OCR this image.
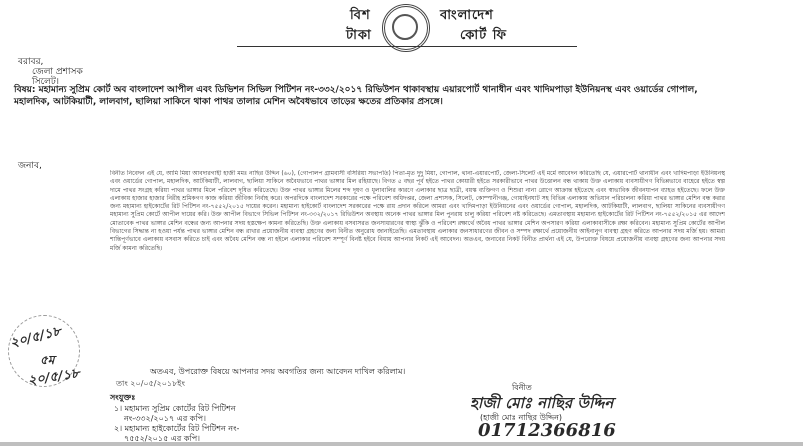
বিশ
টাকা
বাংলাদেশ
কোর্ট ফি
বরাবর,
জেলা প্রশাসক
সিলেট।
বিষয়: মহামান্য সুপ্রিম কোর্ট অব বাংলাদেশ আপীল এবং ডিভিশন সিভিল পিটিশন নং-৩৩২/২০১৭ রিভিউশন থাকাবস্থায় এয়ারপোর্ট থানাধীন এবং খাদিমপাড়া ইউনিয়নস্থ এবং ওয়ার্ডের গোপাল, মহালদিক, আটকিয়াটী, লালবাগ, ছালিয়া সাকিনে থাকা পাথর তালার মেশিন অবৈধভাবে তাড়ের ক্ষতের প্রতিকার প্রসঙ্গে।
জনাব,
বিনীত নিবেদন এই যে, আমি মিয়া আবদারগাহী হাজী মমঃ নাছির উদ্দিন (৬০), (গোপালপ গ্রামবাসী বসিরিয়া সভাপতি) পিতা-মৃত দুদু মিয়া, গোপাল, থানা-এয়ারপোর্ট, জেলা-সিলেট এই মর্মে আবেদন করিতেছি যে, এয়ারপোর্ট থানাধীন এবং খাদিমপাড়া ইউনিয়নস্থ এবং ওয়ার্ডের গোপাল, মহালদিক, আটকিয়াটী, লালবাগ, ছালিয়া সাকিনে অবৈধভাবে পাথর ভাঙ্গার মিল রহিয়াছে। বিগত ৫ বছর পূর্ব হইতে পাথর কোয়ারী হইতে সরকারীভাবে পাথর উত্তোলন বন্ধ থাকায় উক্ত এলাকায় ব্যবসায়ীগণ বিভিন্নভাবে বাহেরে হইতে স্বল্প দামে পাথর সংগ্রহ করিয়া পাথর ভাঙ্গার মিলে পরিবেশ দূষিত করিতেছে। উক্ত পাথর ভাঙ্গার মিলের শব্দ দূষণ ও ধূলাবালির কারণে এলাকার ছাত্র ছাত্রী, বয়স্ক ব্যক্তিগণ ও শিশুরা নানা রোগে আক্রান্ত হইতেছে এবং স্বাভাবিক জীবনযাপন ব্যাহত হইতেছে। ফলে উক্ত এলাকায় হাজার হাজার নিরীহ শ্রমিকগণ কাজ করিয়া জীবিকা নির্বাহ করে। অপরদিকে বাংলাদেশ সরকারের পক্ষে পরিবেশ অধিদপ্তর, জেলা প্রশাসক, সিলেট, কোম্পানীগঞ্জ, গোয়াইনঘাট সহ বিভিন্ন এলাকায় অভিযান পরিচালনা করিয়া পাথর ভাঙ্গার মেশিন বন্ধ করার জন্য মহামান্য হাইকোর্টের রিট পিটিশন নং-৭৫৫২/২০১৫ দায়ের করেন। মহামান্য হাইকোর্ট বাংলাদেশ সরকারের পক্ষে রায় প্রদান করিলে আমরা এবং খাদিমপাড়া ইউনিয়নের এবং ওয়ার্ডের গোপাল, মহালদিক, আটকিয়াটী, লালবাগ, ছালিয়া সাকিনের ব্যবসায়ীগণ মহামান্য সুপ্রিম কোর্টে আপীল দায়ের করি। উক্ত আপীল বিভাগে সিভিল পিটিশন নং-৩৩২/২০১৭ রিভিউশন অবস্থায় অনেক পাথর ভাঙ্গার মিল পুনরায় চালু করিয়া পরিবেশ নষ্ট করিতেছে। এমতাবস্থায় মহামান্য হাইকোর্টের রিট পিটিশন নং-৭৫৫২/২০১৫ এর আদেশ মোতাবেক পাথর ভাঙ্গার মেশিন বন্ধের জন্য আপনার সদয় হস্তক্ষেপ কামনা করিতেছি। উক্ত এলাকায় বসবাসরত জনসাধারণের স্বাস্থ্য ঝুঁকি ও পরিবেশ রক্ষার্থে অবৈধ পাথর ভাঙ্গার মেশিন অপসারণ করিয়া এলাকাবাসীকে রক্ষা করিবেন। মহামান্য সুপ্রিম কোর্টের আপীল বিভাগের সিদ্ধান্ত না হওয়া পর্যন্ত পাথর ভাঙ্গার মেশিন বন্ধ রাখার প্রয়োজনীয় ব্যবস্থা গ্রহণের জন্য বিনীত অনুরোধ জানাইতেছি। এমতাবস্থায় এলাকার জনসাধারণের জীবন ও সম্পদ রক্ষার্থে প্রয়োজনীয় আইনানুগ ব্যবস্থা গ্রহণ করিতে আপনার সদয় মর্জি হয়। আমরা শান্তিপূর্ণভাবে এলাকায় বসবাস করিতে চাই এবং অবৈধ মেশিন বন্ধ না হইলে এলাকার পরিবেশ সম্পূর্ণ বিনষ্ট হইবে বিধায় আপনার নিকট এই আবেদন। অতএব, জনাবের নিকট বিনীত প্রার্থনা এই যে, উপরোক্ত বিষয়ে প্রয়োজনীয় ব্যবস্থা গ্রহণের জন্য আপনার সদয় মর্জি কামনা করিতেছি।
২০/৫/১৮
৫ম
২০/৫/১৮	অতএব, উপরোক্ত বিষয়ে আপনার সদয় অবগতির জন্য আবেদন দাখিল করিলাম।
তাং ২০/০৫/২০১৮ইং
সংযুক্তঃ
১। মহামান্য সুপ্রিম কোর্টের রিট পিটিশন
নং-৩৩২/২০১৭ এর কপি।
২। মহামান্য হাইকোর্টের রিট পিটিশন নং-
৭৫৫২/২০১৫ এর কপি।
বিনীত
হাজী মোঃ নাছির উদ্দিন
(হাজী মোঃ নাছির উদ্দিন)
01712366816
